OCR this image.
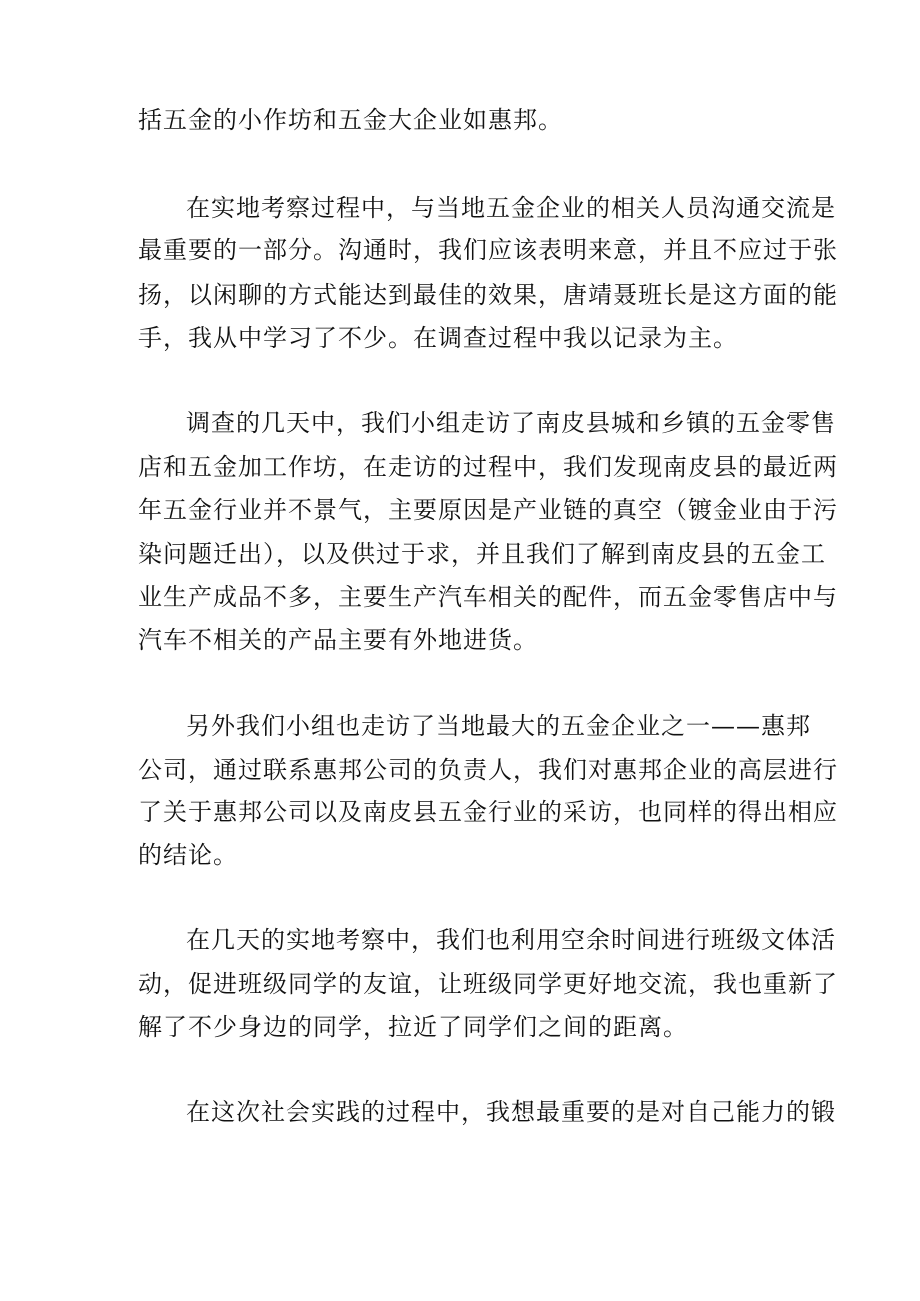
括五金的小作坊和五金大企业如惠邦。
在实地考察过程中，与当地五金企业的相关人员沟通交流是
最重要的一部分。沟通时，我们应该表明来意，并且不应过于张
扬，以闲聊的方式能达到最佳的效果，唐靖聂班长是这方面的能
手，我从中学习了不少。在调查过程中我以记录为主。
调查的几天中，我们小组走访了南皮县城和乡镇的五金零售
店和五金加工作坊，在走访的过程中，我们发现南皮县的最近两
年五金行业并不景气，主要原因是产业链的真空（镀金业由于污
染问题迁出），以及供过于求，并且我们了解到南皮县的五金工
业生产成品不多，主要生产汽车相关的配件，而五金零售店中与
汽车不相关的产品主要有外地进货。
另外我们小组也走访了当地最大的五金企业之一——惠邦
公司，通过联系惠邦公司的负责人，我们对惠邦企业的高层进行
了关于惠邦公司以及南皮县五金行业的采访，也同样的得出相应
的结论。
在几天的实地考察中，我们也利用空余时间进行班级文体活
动，促进班级同学的友谊，让班级同学更好地交流，我也重新了
解了不少身边的同学，拉近了同学们之间的距离。
在这次社会实践的过程中，我想最重要的是对自己能力的锻
